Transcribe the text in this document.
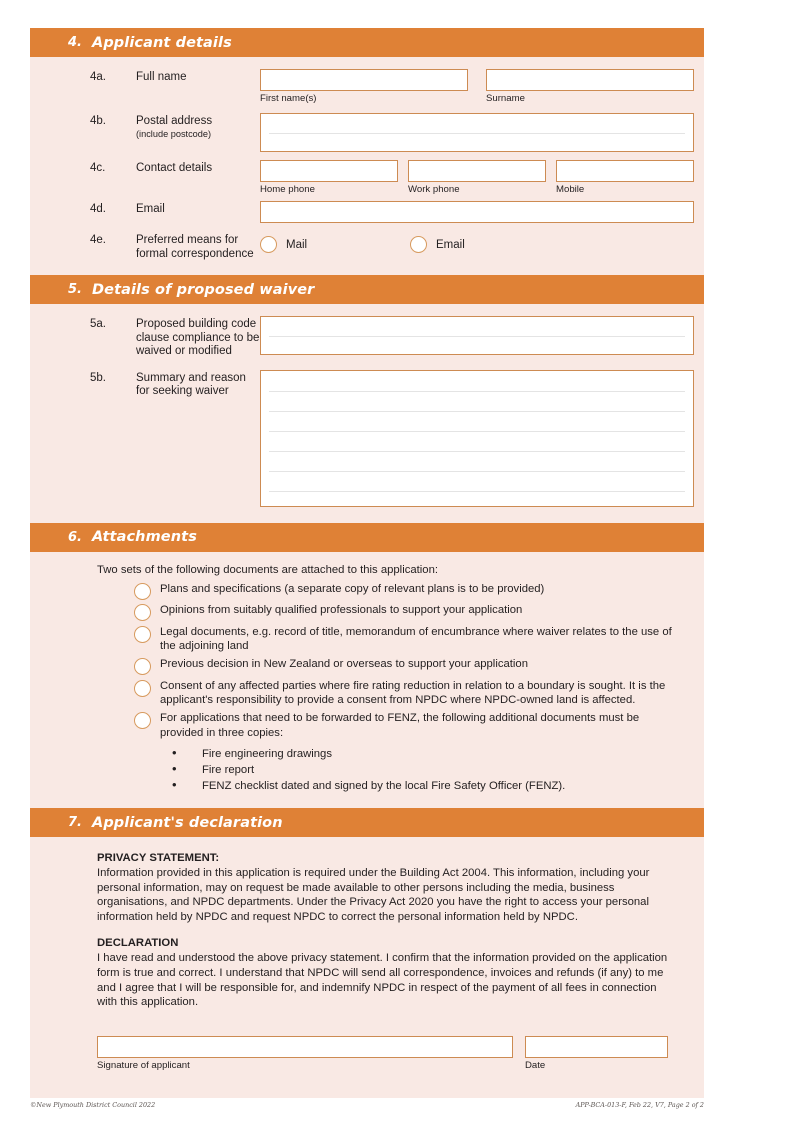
4. Applicant details
4a.	Full name
First name(s)	Surname
4b.	Postal address
(include postcode)
4c.	Contact details
Home phone	Work phone	Mobile
4d.	Email
4e.	Preferred means for formal correspondence
Mail	Email
5. Details of proposed waiver
5a.	Proposed building code clause compliance to be waived or modified
5b.	Summary and reason for seeking waiver
6. Attachments
Two sets of the following documents are attached to this application:
Plans and specifications (a separate copy of relevant plans is to be provided)
Opinions from suitably qualified professionals to support your application
Legal documents, e.g. record of title, memorandum of encumbrance where waiver relates to the use of the adjoining land
Previous decision in New Zealand or overseas to support your application
Consent of any affected parties where fire rating reduction in relation to a boundary is sought. It is the applicant's responsibility to provide a consent from NPDC where NPDC-owned land is affected.
For applications that need to be forwarded to FENZ, the following additional documents must be provided in three copies:
• Fire engineering drawings
• Fire report
• FENZ checklist dated and signed by the local Fire Safety Officer (FENZ).
7. Applicant's declaration
PRIVACY STATEMENT:
Information provided in this application is required under the Building Act 2004. This information, including your personal information, may on request be made available to other persons including the media, business organisations, and NPDC departments. Under the Privacy Act 2020 you have the right to access your personal information held by NPDC and request NPDC to correct the personal information held by NPDC.
DECLARATION
I have read and understood the above privacy statement. I confirm that the information provided on the application form is true and correct. I understand that NPDC will send all correspondence, invoices and refunds (if any) to me and I agree that I will be responsible for, and indemnify NPDC in respect of the payment of all fees in connection with this application.
Signature of applicant	Date
©New Plymouth District Council 2022	APP-BCA-013-F, Feb 22, V7, Page 2 of 2
